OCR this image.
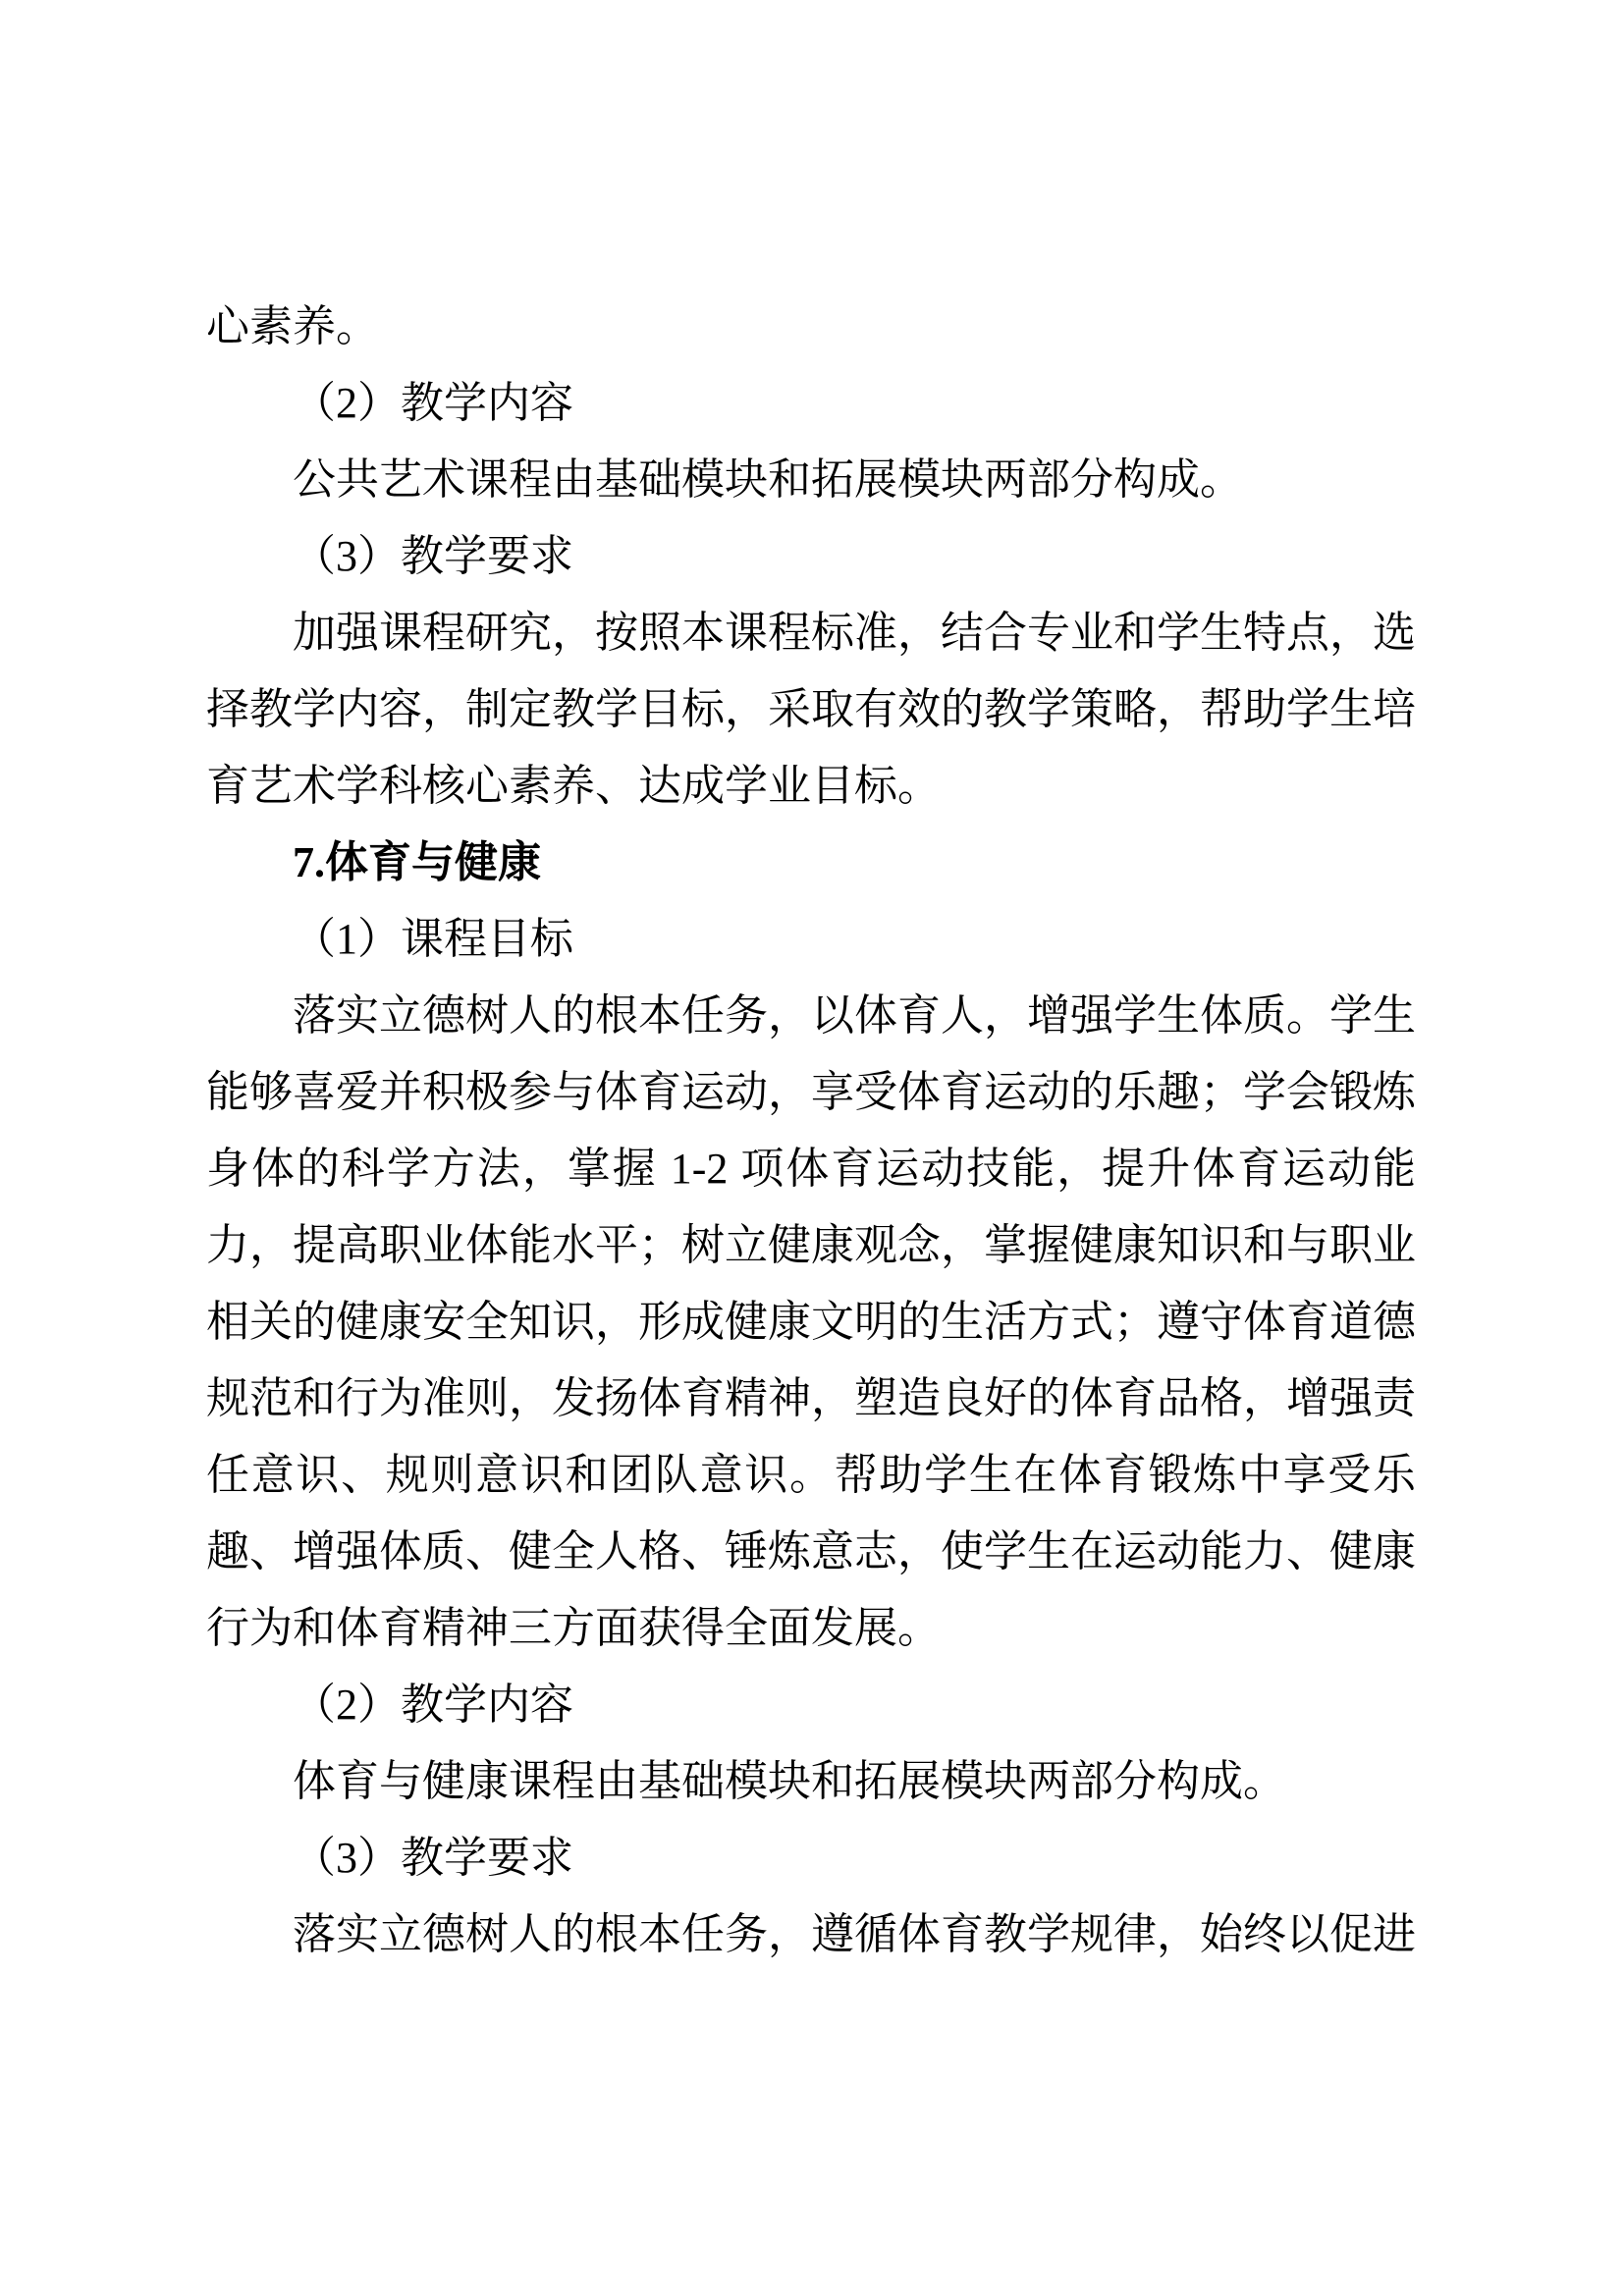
心素养。

（2）教学内容

公共艺术课程由基础模块和拓展模块两部分构成。

（3）教学要求

加强课程研究，按照本课程标准，结合专业和学生特点，选择教学内容，制定教学目标，采取有效的教学策略，帮助学生培育艺术学科核心素养、达成学业目标。

7.体育与健康

（1）课程目标

落实立德树人的根本任务，以体育人，增强学生体质。学生能够喜爱并积极参与体育运动，享受体育运动的乐趣；学会锻炼身体的科学方法，掌握 1-2 项体育运动技能，提升体育运动能力，提高职业体能水平；树立健康观念，掌握健康知识和与职业相关的健康安全知识，形成健康文明的生活方式；遵守体育道德规范和行为准则，发扬体育精神，塑造良好的体育品格，增强责任意识、规则意识和团队意识。帮助学生在体育锻炼中享受乐趣、增强体质、健全人格、锤炼意志，使学生在运动能力、健康行为和体育精神三方面获得全面发展。

（2）教学内容

体育与健康课程由基础模块和拓展模块两部分构成。

（3）教学要求

落实立德树人的根本任务，遵循体育教学规律，始终以促进
